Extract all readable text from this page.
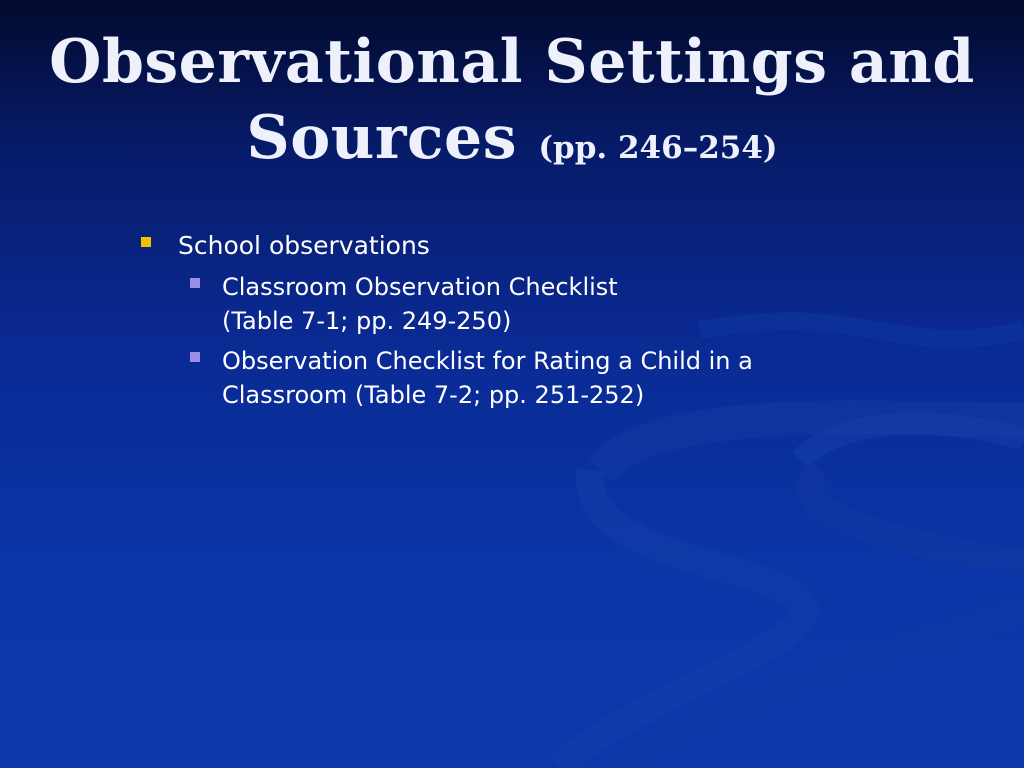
Observational Settings and
Sources (pp. 246–254)
School observations
Classroom Observation Checklist
(Table 7-1; pp. 249-250)
Observation Checklist for Rating a Child in a
Classroom (Table 7-2; pp. 251-252)
